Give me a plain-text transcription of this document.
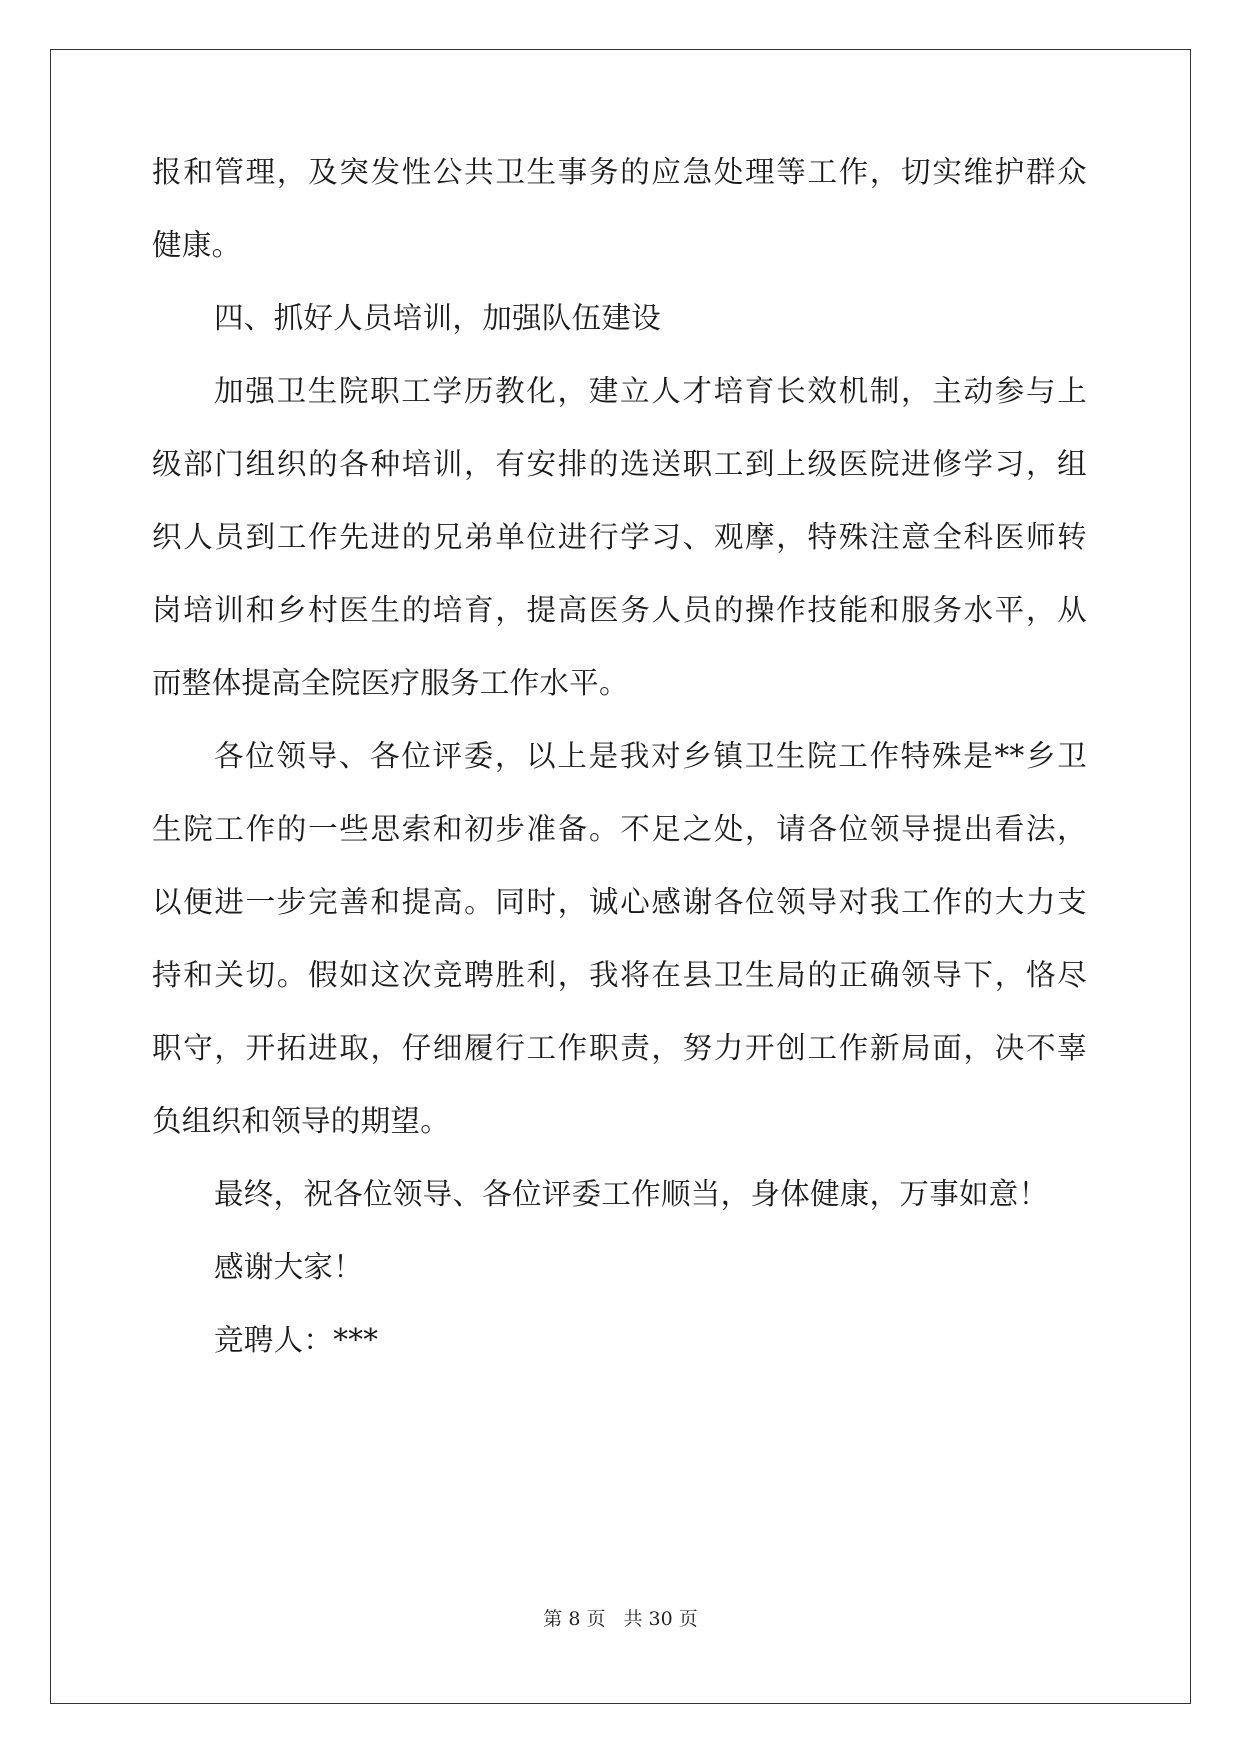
报和管理，及突发性公共卫生事务的应急处理等工作，切实维护群众

健康。

四、抓好人员培训，加强队伍建设

加强卫生院职工学历教化，建立人才培育长效机制，主动参与上

级部门组织的各种培训，有安排的选送职工到上级医院进修学习，组

织人员到工作先进的兄弟单位进行学习、观摩，特殊注意全科医师转

岗培训和乡村医生的培育，提高医务人员的操作技能和服务水平，从

而整体提高全院医疗服务工作水平。

各位领导、各位评委，以上是我对乡镇卫生院工作特殊是**乡卫

生院工作的一些思索和初步准备。不足之处，请各位领导提出看法，

以便进一步完善和提高。同时，诚心感谢各位领导对我工作的大力支

持和关切。假如这次竞聘胜利，我将在县卫生局的正确领导下，恪尽

职守，开拓进取，仔细履行工作职责，努力开创工作新局面，决不辜

负组织和领导的期望。

最终，祝各位领导、各位评委工作顺当，身体健康，万事如意！

感谢大家！

竞聘人：***

第 8 页 共 30 页
